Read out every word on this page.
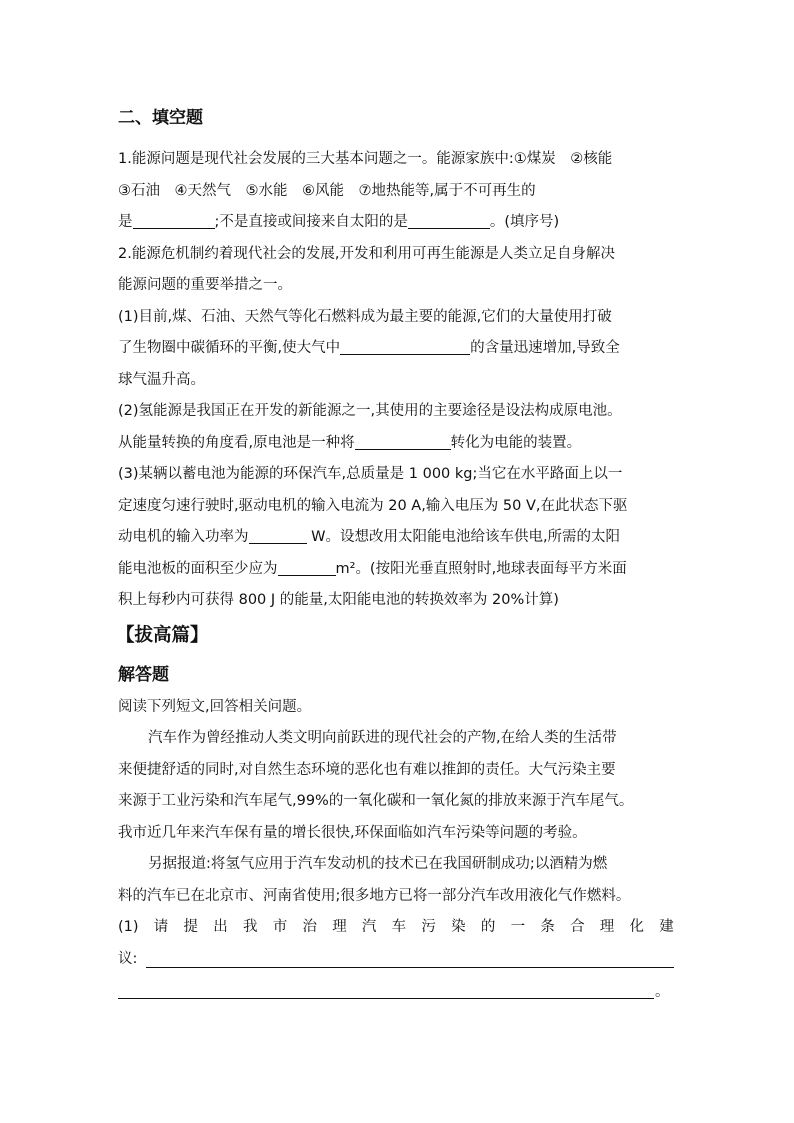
二、填空题

1.能源问题是现代社会发展的三大基本问题之一。能源家族中:①煤炭　②核能

③石油　④天然气　⑤水能　⑥风能　⑦地热能等,属于不可再生的

是	;不是直接或间接来自太阳的是	。(填序号)

2.能源危机制约着现代社会的发展,开发和利用可再生能源是人类立足自身解决

能源问题的重要举措之一。

(1)目前,煤、石油、天然气等化石燃料成为最主要的能源,它们的大量使用打破

了生物圈中碳循环的平衡,使大气中	的含量迅速增加,导致全

球气温升高。

(2)氢能源是我国正在开发的新能源之一,其使用的主要途径是设法构成原电池。

从能量转换的角度看,原电池是一种将	转化为电能的装置。

(3)某辆以蓄电池为能源的环保汽车,总质量是 1 000 kg;当它在水平路面上以一

定速度匀速行驶时,驱动电机的输入电流为 20 A,输入电压为 50 V,在此状态下驱

动电机的输入功率为	W。设想改用太阳能电池给该车供电,所需的太阳

能电池板的面积至少应为	m²。(按阳光垂直照射时,地球表面每平方米面

积上每秒内可获得 800 J 的能量,太阳能电池的转换效率为 20%计算)

【拔高篇】

解答题

阅读下列短文,回答相关问题。

汽车作为曾经推动人类文明向前跃进的现代社会的产物,在给人类的生活带

来便捷舒适的同时,对自然生态环境的恶化也有难以推卸的责任。大气污染主要

来源于工业污染和汽车尾气,99%的一氧化碳和一氧化氮的排放来源于汽车尾气。

我市近几年来汽车保有量的增长很快,环保面临如汽车污染等问题的考验。

另据报道:将氢气应用于汽车发动机的技术已在我国研制成功;以酒精为燃

料的汽车已在北京市、河南省使用;很多地方已将一部分汽车改用液化气作燃料。

(1) 请 提 出 我 市 治 理 汽 车 污 染 的 一 条 合 理 化 建
议:
。
